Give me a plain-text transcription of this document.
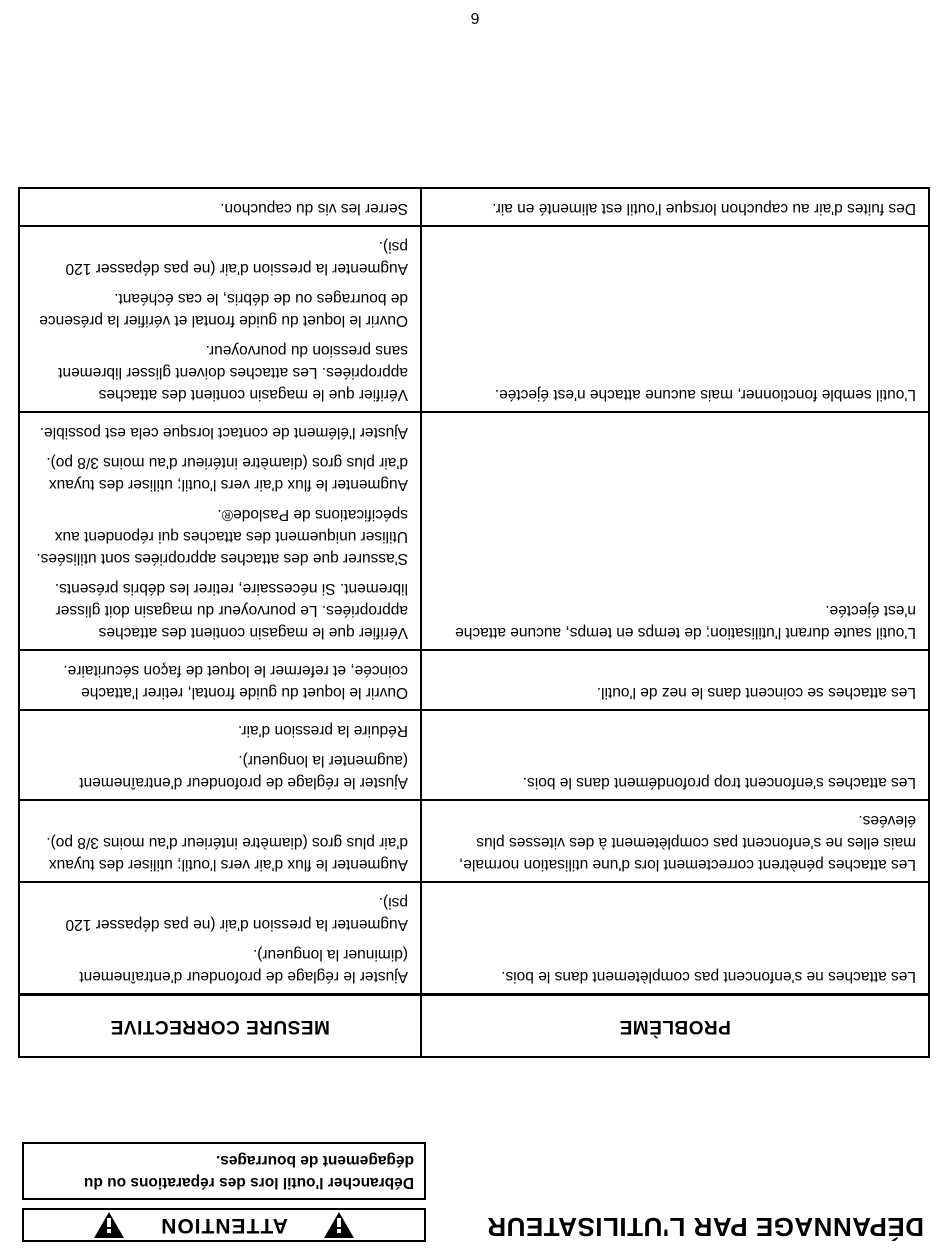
DÉPANNAGE PAR L'UTILISATEUR
ATTENTION
Débrancher l'outil lors des réparations ou du dégagement de bourrages.
PROBLÈME	MESURE CORRECTIVE
Les attaches ne s'enfoncent pas complètement dans le bois.	Ajuster le réglage de profondeur d'entraînement (diminuer la longueur).

Augmenter la pression d'air (ne pas dépasser 120 psi).

Les attaches pénètrent correctement lors d'une utilisation normale, mais elles ne s'enfoncent pas complètement à des vitesses plus élevées.	Augmenter le flux d'air vers l'outil; utiliser des tuyaux d'air plus gros (diamètre intérieur d'au moins 3/8 po).

Les attaches s'enfoncent trop profondément dans le bois.	Ajuster le réglage de profondeur d'entraînement (augmenter la longueur).

Réduire la pression d'air.

Les attaches se coincent dans le nez de l'outil.	Ouvrir le loquet du guide frontal, retirer l'attache coincée, et refermer le loquet de façon sécuritaire.

L'outil saute durant l'utilisation; de temps en temps, aucune attache n'est éjectée.	Vérifier que le magasin contient des attaches appropriées. Le pourvoyeur du magasin doit glisser librement. Si nécessaire, retirer les débris présents.

S'assurer que des attaches appropriées sont utilisées. Utiliser uniquement des attaches qui répondent aux spécifications de Paslode®.

Augmenter le flux d'air vers l'outil; utiliser des tuyaux d'air plus gros (diamètre intérieur d'au moins 3/8 po).

Ajuster l'élément de contact lorsque cela est possible.

L'outil semble fonctionner, mais aucune attache n'est éjectée.	Vérifier que le magasin contient des attaches appropriées. Les attaches doivent glisser librement sans pression du pourvoyeur.

Ouvrir le loquet du guide frontal et vérifier la présence de bourrages ou de débris, le cas échéant.

Augmenter la pression d'air (ne pas dépasser 120 psi).

Des fuites d'air au capuchon lorsque l'outil est alimenté en air.	Serrer les vis du capuchon.

6
